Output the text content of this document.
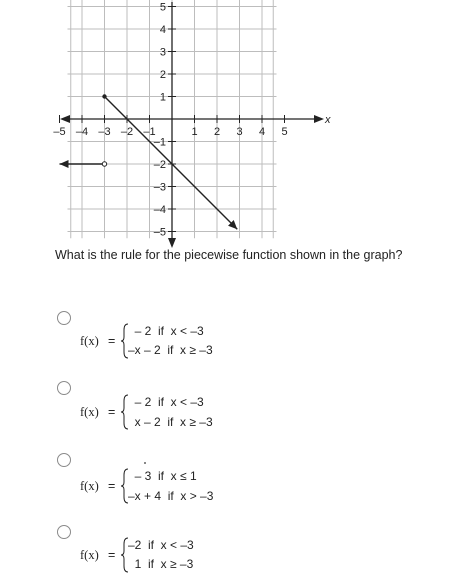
x
–5 –4 –3 –2 –1	1 2 3 4 5
1
2
3
4
5
–1
–2
–3
–4
–5
What is the rule for the piecewise function shown in the graph?
f(x) =
– 2  if  x < –3
–x – 2  if  x ≥ –3
f(x) =
– 2  if  x < –3
x – 2  if  x ≥ –3
f(x) =
– 3  if  x ≤ 1
–x + 4  if  x > –3
f(x) =
–2  if  x < –3
1  if  x ≥ –3
